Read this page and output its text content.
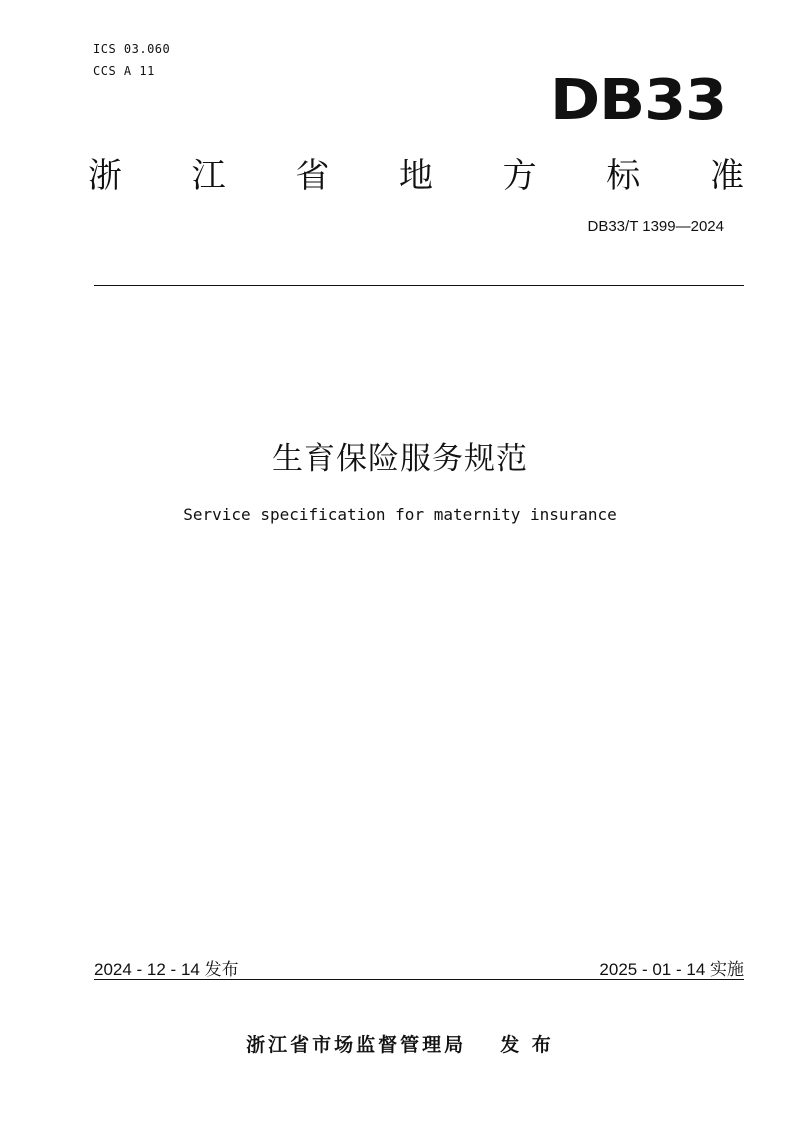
ICS 03.060
CCS A 11	DB33
浙 江 省 地 方 标 准
DB33/T 1399—2024
生育保险服务规范
Service specification for maternity insurance
2024 - 12 - 14 发布	2025 - 01 - 14 实施
浙江省市场监督管理局 发 布
